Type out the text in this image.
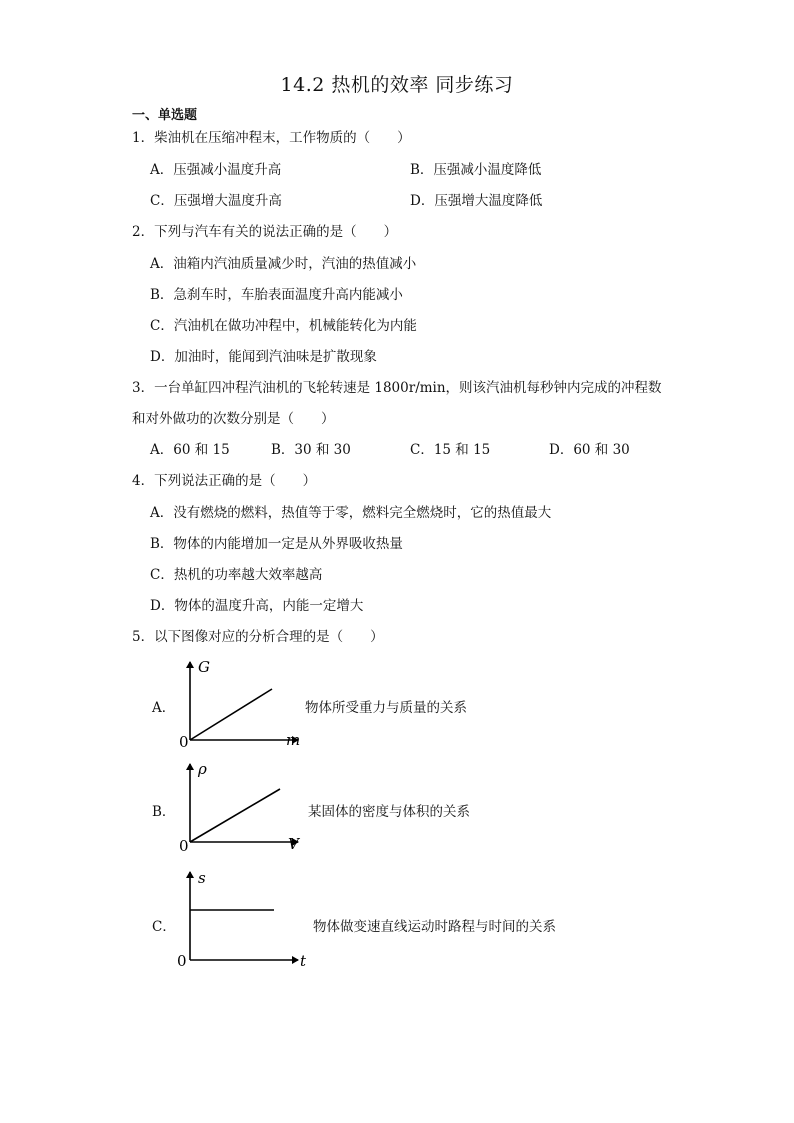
14.2 热机的效率 同步练习
一、单选题
1．柴油机在压缩冲程末，工作物质的（　　）
A．压强减小温度升高	B．压强减小温度降低
C．压强增大温度升高	D．压强增大温度降低
2．下列与汽车有关的说法正确的是（　　）
A．油箱内汽油质量减少时，汽油的热值减小
B．急刹车时，车胎表面温度升高内能减小
C．汽油机在做功冲程中，机械能转化为内能
D．加油时，能闻到汽油味是扩散现象
3．一台单缸四冲程汽油机的飞轮转速是 1800r/min，则该汽油机每秒钟内完成的冲程数
和对外做功的次数分别是（　　）
A．60 和 15	B．30 和 30	C．15 和 15	D．60 和 30
4．下列说法正确的是（　　）
A．没有燃烧的燃料，热值等于零，燃料完全燃烧时，它的热值最大
B．物体的内能增加一定是从外界吸收热量
C．热机的功率越大效率越高
D．物体的温度升高，内能一定增大
5．以下图像对应的分析合理的是（　　）
A．
G
m
0
物体所受重力与质量的关系
B．
ρ
V
0
某固体的密度与体积的关系
C．
s
t
0
物体做变速直线运动时路程与时间的关系
